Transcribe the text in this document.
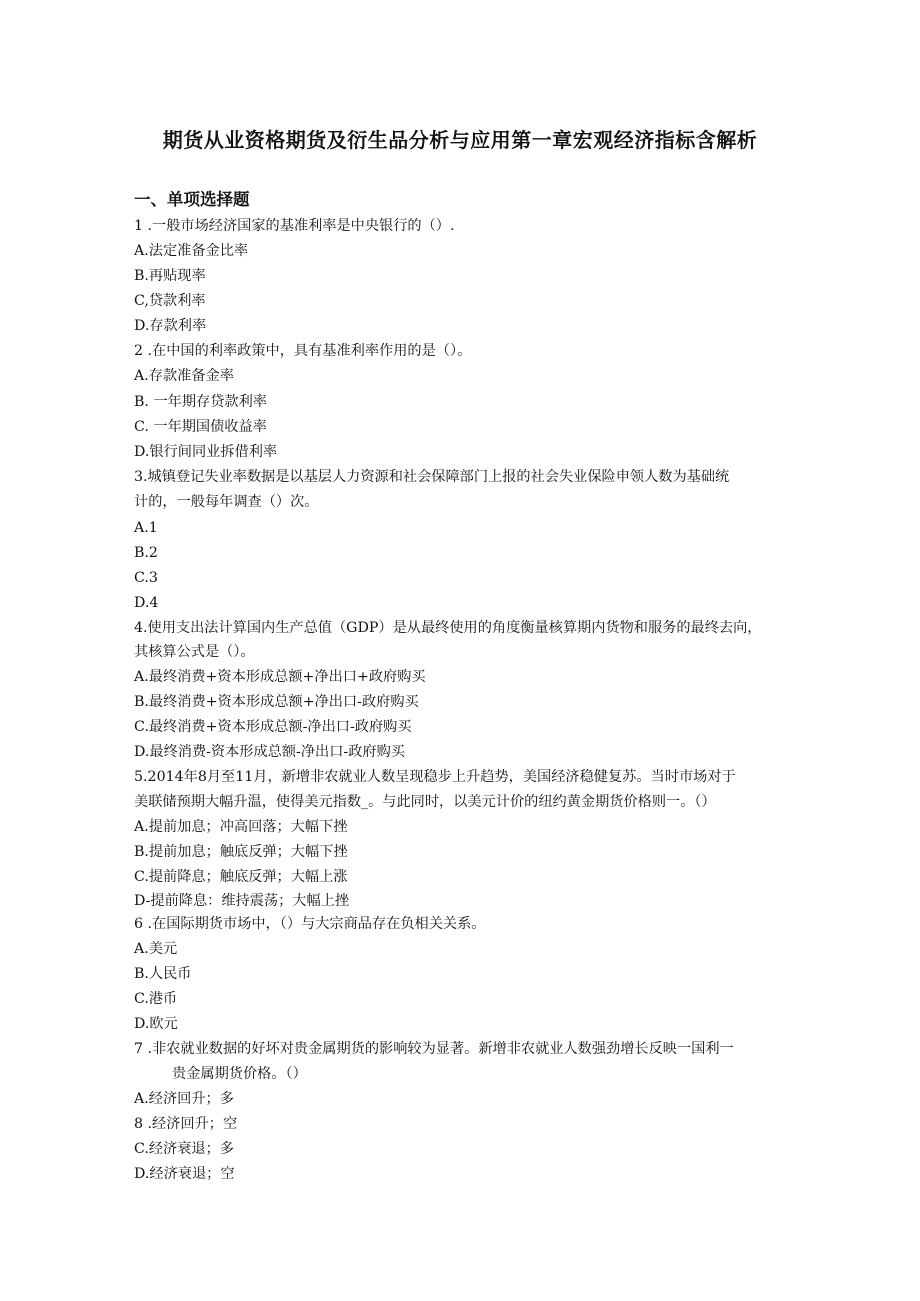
期货从业资格期货及衍生品分析与应用第一章宏观经济指标含解析
一、单项选择题
1 .一般市场经济国家的基准利率是中央银行的（）.
A.法定准备金比率
B.再贴现率
C,贷款利率
D.存款利率
2 .在中国的利率政策中，具有基准利率作用的是（）。
A.存款准备金率
B. 一年期存贷款利率
C. 一年期国债收益率
D.银行间同业拆借利率
3.城镇登记失业率数据是以基层人力资源和社会保障部门上报的社会失业保险申领人数为基础统
计的，一般每年调查（）次。
A.1
B.2
C.3
D.4
4.使用支出法计算国内生产总值（GDP）是从最终使用的角度衡量核算期内货物和服务的最终去向，
其核算公式是（）。
A.最终消费+资本形成总额+净出口+政府购买
B.最终消费+资本形成总额+净出口-政府购买
C.最终消费+资本形成总额-净出口-政府购买
D.最终消费-资本形成总额-净出口-政府购买
5.2014年8月至11月，新增非农就业人数呈现稳步上升趋势，美国经济稳健复苏。当时市场对于
美联储预期大幅升温，使得美元指数_。与此同时，以美元计价的纽约黄金期货价格则一。（）
A.提前加息；冲高回落；大幅下挫
B.提前加息；触底反弹；大幅下挫
C.提前降息；触底反弹；大幅上涨
D-提前降息：维持震荡；大幅上挫
6 .在国际期货市场中，（）与大宗商品存在负相关关系。
A.美元
B.人民币
C.港币
D.欧元
7 .非农就业数据的好坏对贵金属期货的影响较为显著。新增非农就业人数强劲增长反映一国利一
贵金属期货价格。（）
A.经济回升；多
8 .经济回升；空
C.经济衰退；多
D.经济衰退；空
